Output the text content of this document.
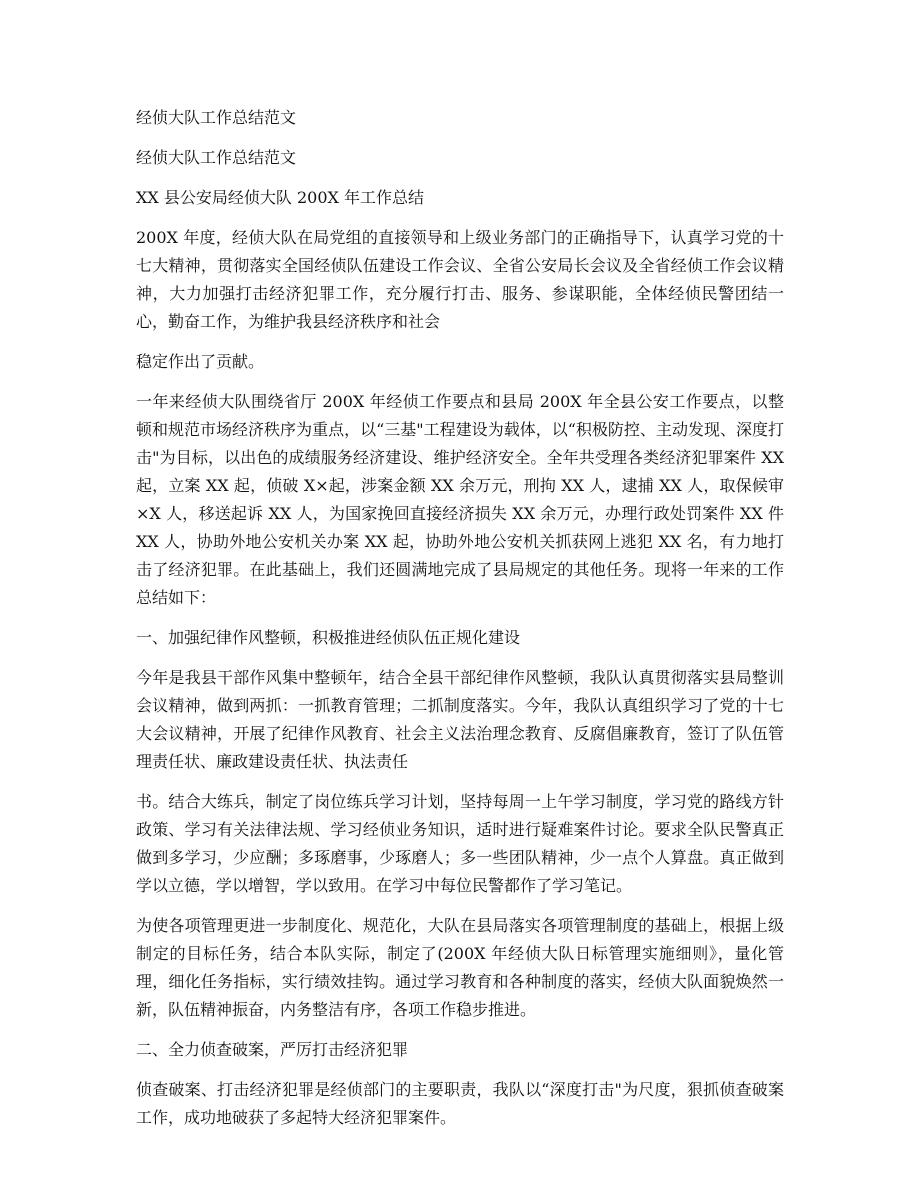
经侦大队工作总结范文

经侦大队工作总结范文

XX 县公安局经侦大队 200X 年工作总结

200X 年度，经侦大队在局党组的直接领导和上级业务部门的正确指导下，认真学习党的十七大精神，贯彻落实全国经侦队伍建设工作会议、全省公安局长会议及全省经侦工作会议精神，大力加强打击经济犯罪工作，充分履行打击、服务、参谋职能，全体经侦民警团结一心，勤奋工作，为维护我县经济秩序和社会

稳定作出了贡献。

一年来经侦大队围绕省厅 200X 年经侦工作要点和县局 200X 年全县公安工作要点，以整顿和规范市场经济秩序为重点，以“三基"工程建设为载体，以“积极防控、主动发现、深度打击"为目标，以出色的成绩服务经济建设、维护经济安全。全年共受理各类经济犯罪案件 XX 起，立案 XX 起，侦破 X×起，涉案金额 XX 余万元，刑拘 XX 人，逮捕 XX 人，取保候审×X 人，移送起诉 XX 人，为国家挽回直接经济损失 XX 余万元，办理行政处罚案件 XX 件 XX 人，协助外地公安机关办案 XX 起，协助外地公安机关抓获网上逃犯 XX 名，有力地打击了经济犯罪。在此基础上，我们还圆满地完成了县局规定的其他任务。现将一年来的工作总结如下：

一、加强纪律作风整顿，积极推进经侦队伍正规化建设

今年是我县干部作风集中整顿年，结合全县干部纪律作风整顿，我队认真贯彻落实县局整训会议精神，做到两抓：一抓教育管理；二抓制度落实。今年，我队认真组织学习了党的十七大会议精神，开展了纪律作风教育、社会主义法治理念教育、反腐倡廉教育，签订了队伍管理责任状、廉政建设责任状、执法责任

书。结合大练兵，制定了岗位练兵学习计划，坚持每周一上午学习制度，学习党的路线方针政策、学习有关法律法规、学习经侦业务知识，适时进行疑难案件讨论。要求全队民警真正做到多学习，少应酬；多琢磨事，少琢磨人；多一些团队精神，少一点个人算盘。真正做到学以立德，学以增智，学以致用。在学习中每位民警都作了学习笔记。

为使各项管理更进一步制度化、规范化，大队在县局落实各项管理制度的基础上，根据上级制定的目标任务，结合本队实际，制定了(200X 年经侦大队日标管理实施细则》，量化管理，细化任务指标，实行绩效挂钩。通过学习教育和各种制度的落实，经侦大队面貌焕然一新，队伍精神振奋，内务整洁有序，各项工作稳步推进。

二、全力侦查破案，严厉打击经济犯罪

侦查破案、打击经济犯罪是经侦部门的主要职责，我队以“深度打击"为尺度，狠抓侦查破案工作，成功地破获了多起特大经济犯罪案件。
